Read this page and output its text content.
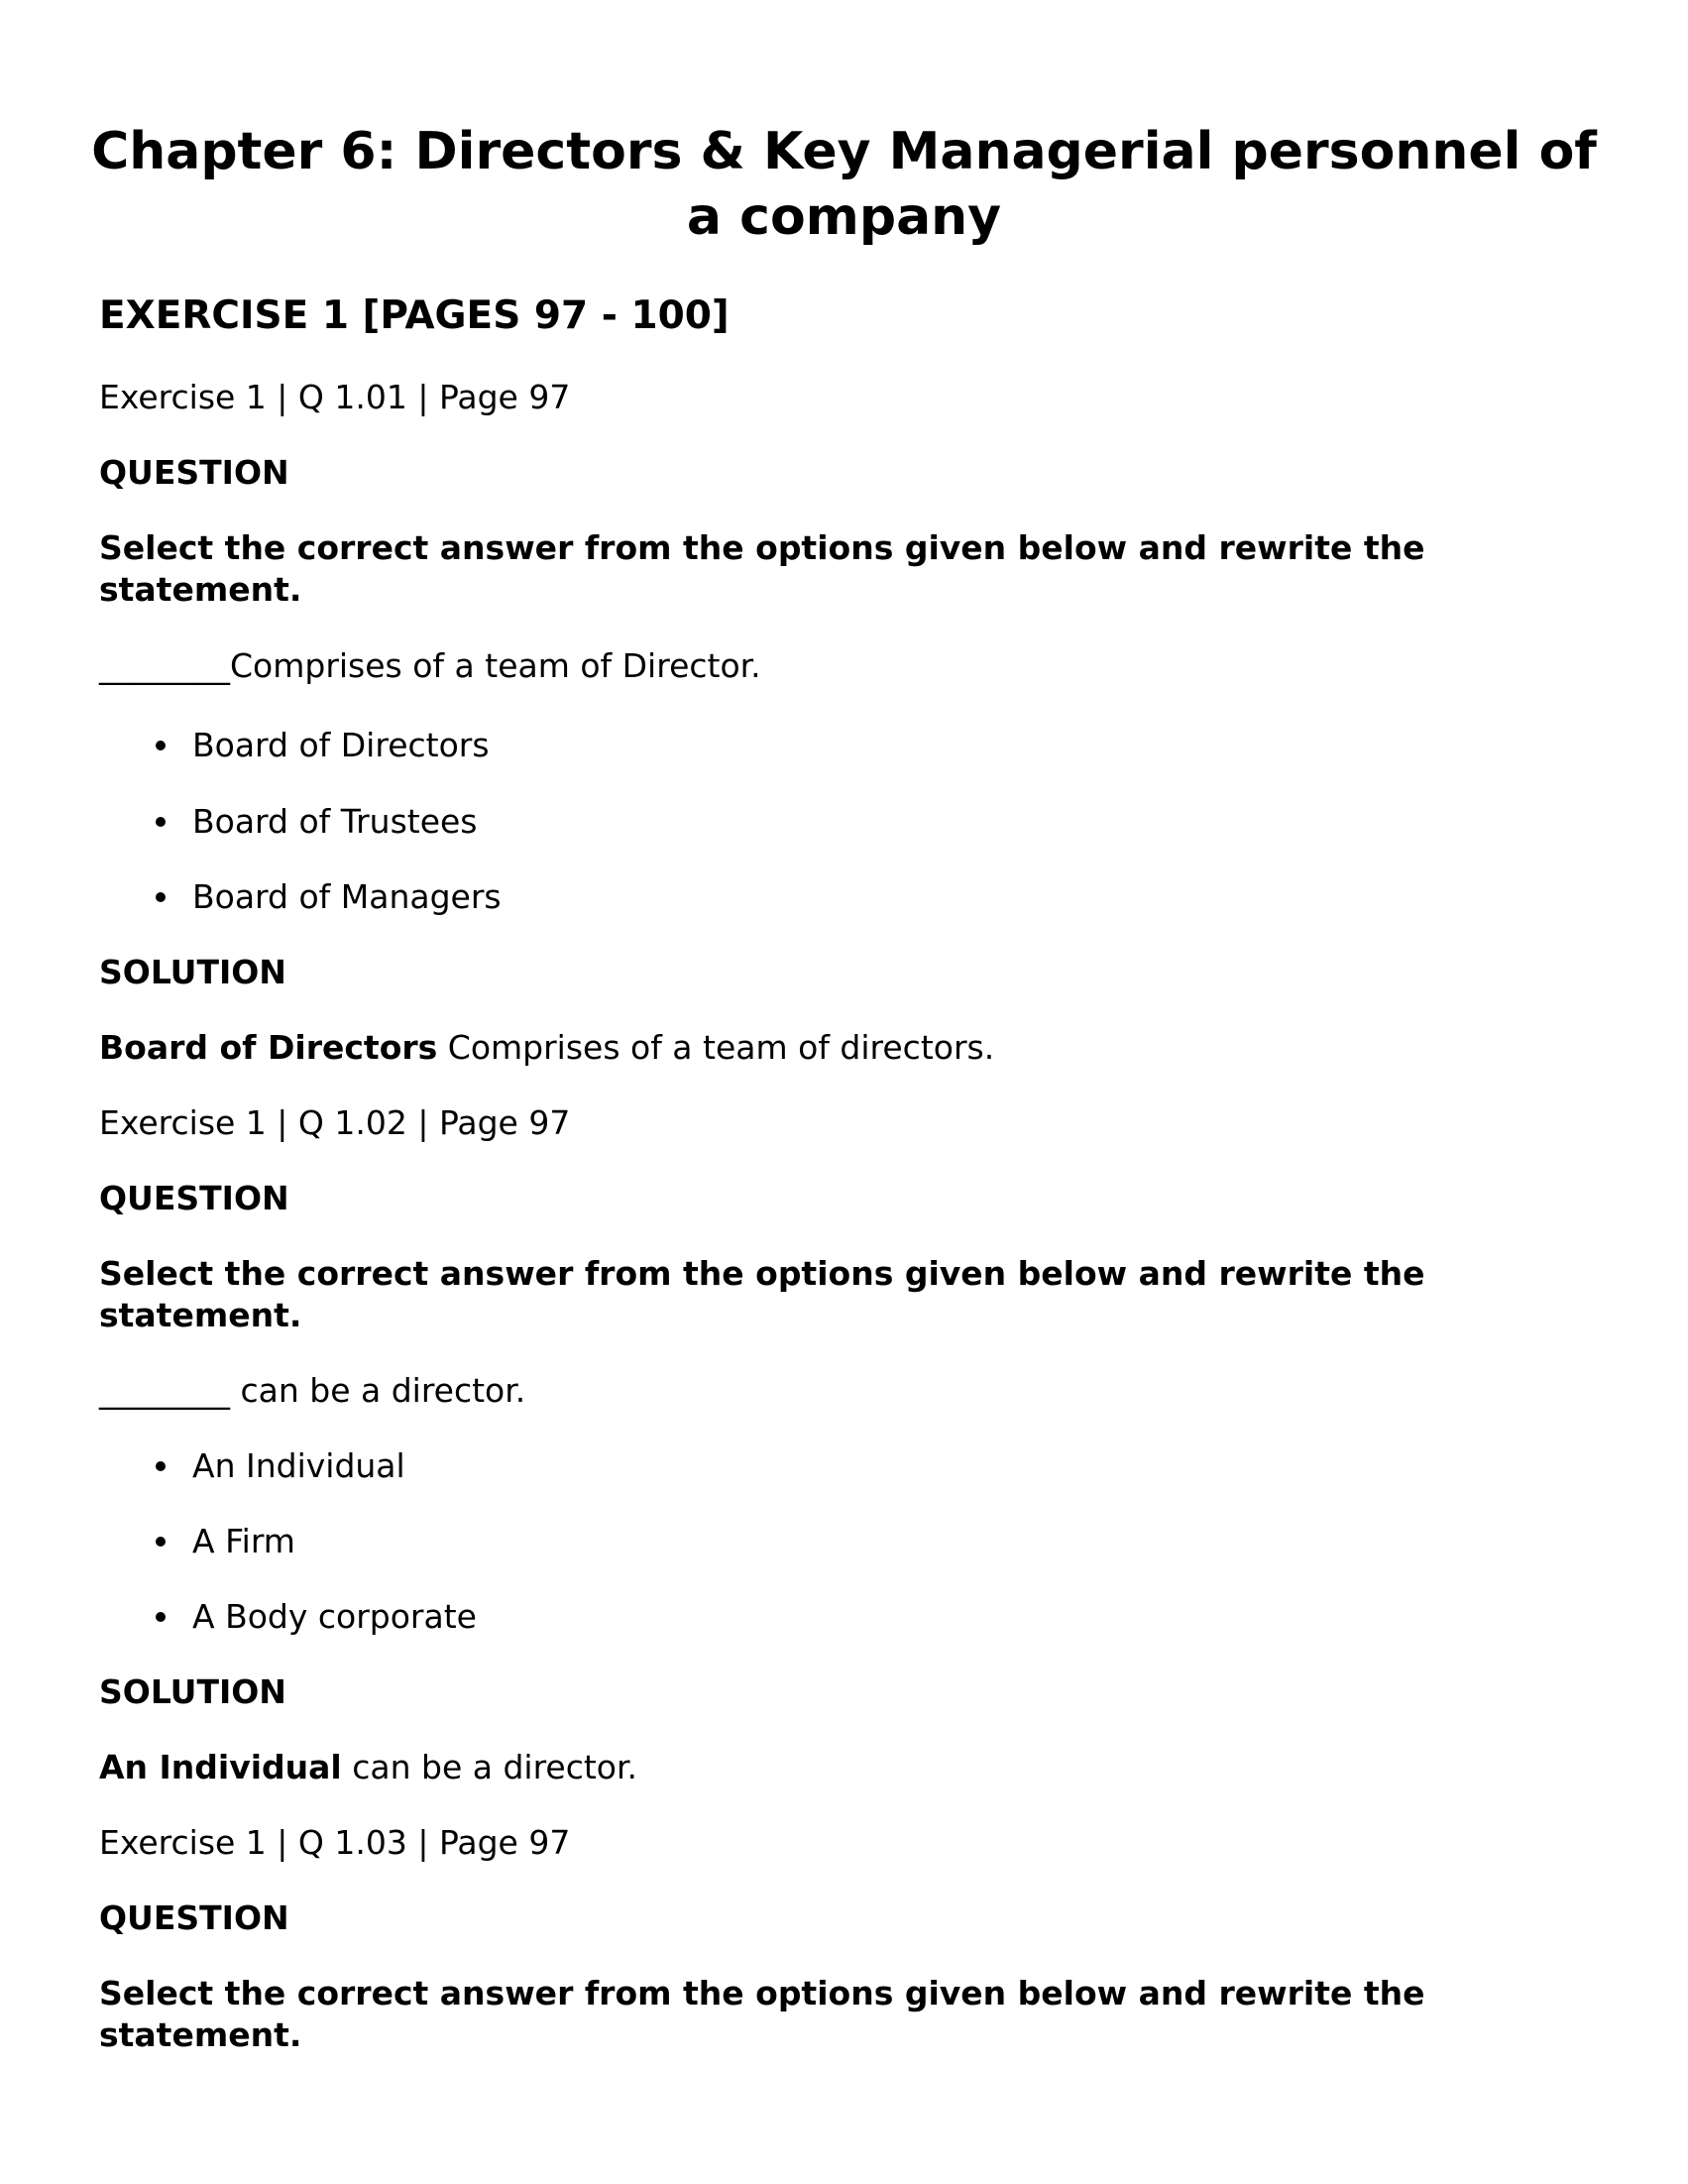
Chapter 6: Directors & Key Managerial personnel of a company
EXERCISE 1 [PAGES 97 - 100]

Exercise 1 | Q 1.01 | Page 97

QUESTION

Select the correct answer from the options given below and rewrite the statement.

________Comprises of a team of Director.

Board of Directors

Board of Trustees

Board of Managers

SOLUTION

Board of Directors Comprises of a team of directors.

Exercise 1 | Q 1.02 | Page 97

QUESTION

Select the correct answer from the options given below and rewrite the statement.

________ can be a director.

An Individual

A Firm

A Body corporate

SOLUTION

An Individual can be a director.

Exercise 1 | Q 1.03 | Page 97

QUESTION

Select the correct answer from the options given below and rewrite the statement.
